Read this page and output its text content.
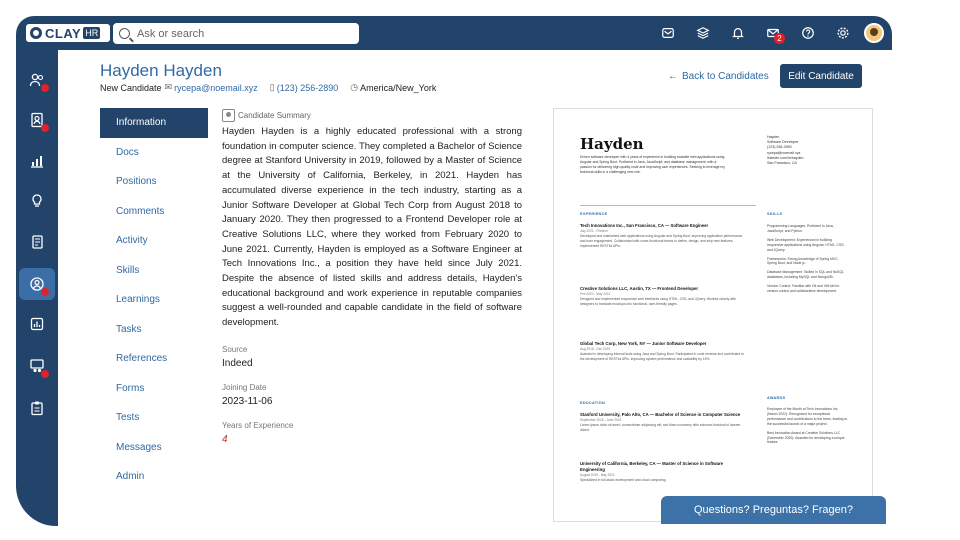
CLAY HR
Ask or search
2
Hayden Hayden
New Candidate ✉ rycepa@noemail.xyz ▯ (123) 256-2890 ◷ America/New_York
← Back to Candidates	Edit Candidate
Information
Docs
Positions
Comments
Activity
Skills
Learnings
Tasks
References
Forms
Tests
Messages
Admin
Candidate Summary
Hayden Hayden is a highly educated professional with a strong foundation in computer science. They completed a Bachelor of Science degree at Stanford University in 2019, followed by a Master of Science at the University of California, Berkeley, in 2021. Hayden has accumulated diverse experience in the tech industry, starting as a Junior Software Developer at Global Tech Corp from August 2018 to January 2020. They then progressed to a Frontend Developer role at Creative Solutions LLC, where they worked from February 2020 to June 2021. Currently, Hayden is employed as a Software Engineer at Tech Innovations Inc., a position they have held since July 2021. Despite the absence of listed skills and address details, Hayden's educational background and work experience in reputable companies suggest a well-rounded and capable candidate in the field of software development.
Source
Indeed
Joining Date
2023-11-06
Years of Experience
4
Hayden
Driven software developer with 4 years of experience in building scalable web applications using Angular and Spring Boot. Proficient in Java, JavaScript, and database management, with a passion for delivering high-quality code and improving user experiences. Seeking to leverage my technical skills in a challenging new role.
Hayden
Software Developer
(123) 256-2890
rycepa@noemail.xyz
linkedin.com/in/hayden
San Francisco, CA
EXPERIENCE
Tech Innovations Inc., San Francisco, CA — Software Engineer
July 2021 - Present
Developed and maintained web applications using Angular and Spring Boot, improving application performance and user engagement. Collaborated with cross-functional teams to define, design, and ship new features. Implemented RESTful APIs.
Creative Solutions LLC, Austin, TX — Frontend Developer
Feb 2020 - May 2021
Designed and implemented responsive web interfaces using HTML, CSS, and JQuery. Worked closely with designers to translate mockups into functional, user-friendly pages.
Global Tech Corp, New York, NY — Junior Software Developer
Aug 2018 - Dec 2019
Assisted in developing internal tools using Java and Spring Boot. Participated in code reviews and contributed to the development of RESTful APIs, improving system performance and scalability by 15%.
EDUCATION
Stanford University, Palo Alto, CA — Bachelor of Science in Computer Science
September 2015 - June 2019
Lorem ipsum dolor sit amet, consectetuer adipiscing elit, sed diam nonummy nibh euismod tincidunt ut laoreet dolore.
University of California, Berkeley, CA — Master of Science in Software Engineering
August 2019 - May 2021
Specialized in full-stack development and cloud computing.
SKILLS

Programming Languages: Proficient in Java, JavaScript, and Python.

Web Development: Experienced in building responsive applications using Angular, HTML, CSS, and JQuery.

Frameworks: Strong knowledge of Spring MVC, Spring Boot, and Node.js.

Database Management: Skilled in SQL and NoSQL databases, including MySQL and MongoDB.

Version Control: Familiar with Git and GitHub for version control and collaborative development.

AWARDS

Employee of the Month at Tech Innovations Inc. (March 2022): Recognized for exceptional performance and contributions to the team, leading to the successful launch of a major project.

Best Innovation Award at Creative Solutions LLC (December 2020): Awarded for developing a unique feature.

Questions? Preguntas? Fragen?
